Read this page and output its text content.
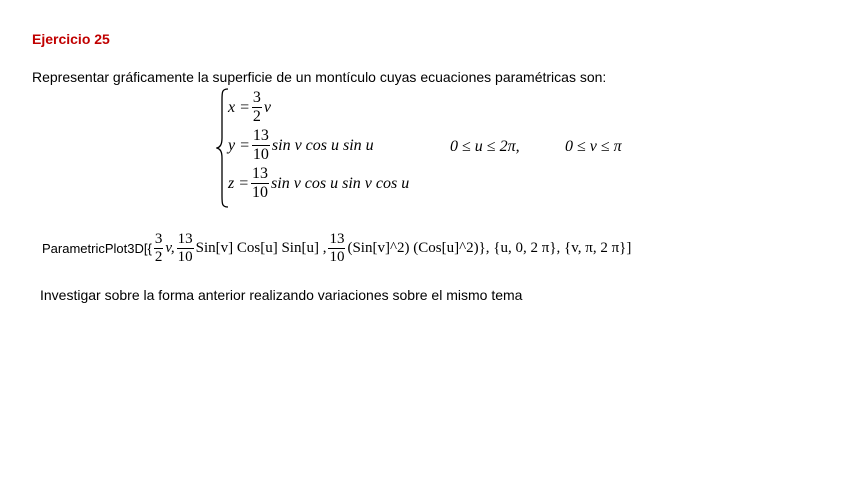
Ejercicio 25
Representar gráficamente la superficie de un montículo cuyas ecuaciones paramétricas son:
$x = \frac{3}{2}$ v
$y = \frac{13}{10}$ sin v cos u sin u
$z = \frac{13}{10}$ sin v cos u sin v cos u
0 ≤ u ≤ 2π,	0 ≤ v ≤ π
ParametricPlot3D[{ $\frac{3}{2} v$, $\frac{13}{10} Sin[v]$ Cos[u] Sin[u] , $\frac{13}{10}$ (Sin[v]^2) (Cos[u]^2)}, {u, 0, 2 π}, {v, π, 2 π}]
Investigar sobre la forma anterior realizando variaciones sobre el mismo tema
